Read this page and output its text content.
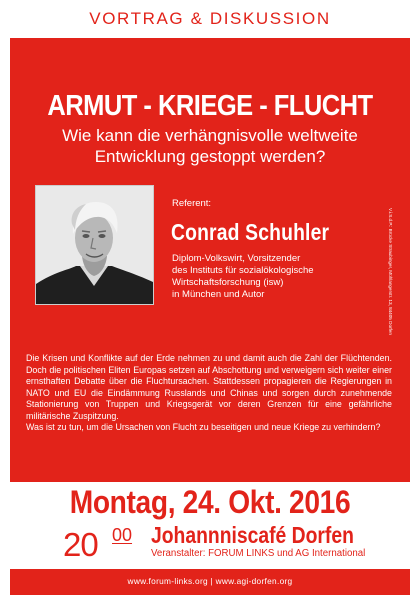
VORTRAG & DISKUSSION
ARMUT - KRIEGE - FLUCHT
Wie kann die verhängnisvolle weltweite
Entwicklung gestoppt werden?
Referent:
Conrad Schuhler
Diplom-Volkswirt, Vorsitzender
des Instituts für sozialökologische
Wirtschaftsforschung (isw)
in München und Autor	V.i.S.d.P.: Brücke Straubinger, Mühlangerstr. 13, 84405 Dorfen

Die Krisen und Konflikte auf der Erde nehmen zu und damit auch die Zahl der Flüchtenden. Doch die politischen Eliten Europas setzen auf Abschottung und verweigern sich weiter einer ernsthaften Debatte über die Fluchtursachen. Stattdessen propagieren die Regierungen in NATO und EU die Eindämmung Russlands und Chinas und sorgen durch zunehmende Stationierung von Truppen und Kriegsgerät vor deren Grenzen für eine gefährliche militärische Zuspitzung.

Was ist zu tun, um die Ursachen von Flucht zu beseitigen und neue Kriege zu verhindern?

Montag, 24. Okt. 2016
20 00 Johannniscafé Dorfen
Veranstalter: FORUM LINKS und AG International
www.forum-links.org | www.agi-dorfen.org
